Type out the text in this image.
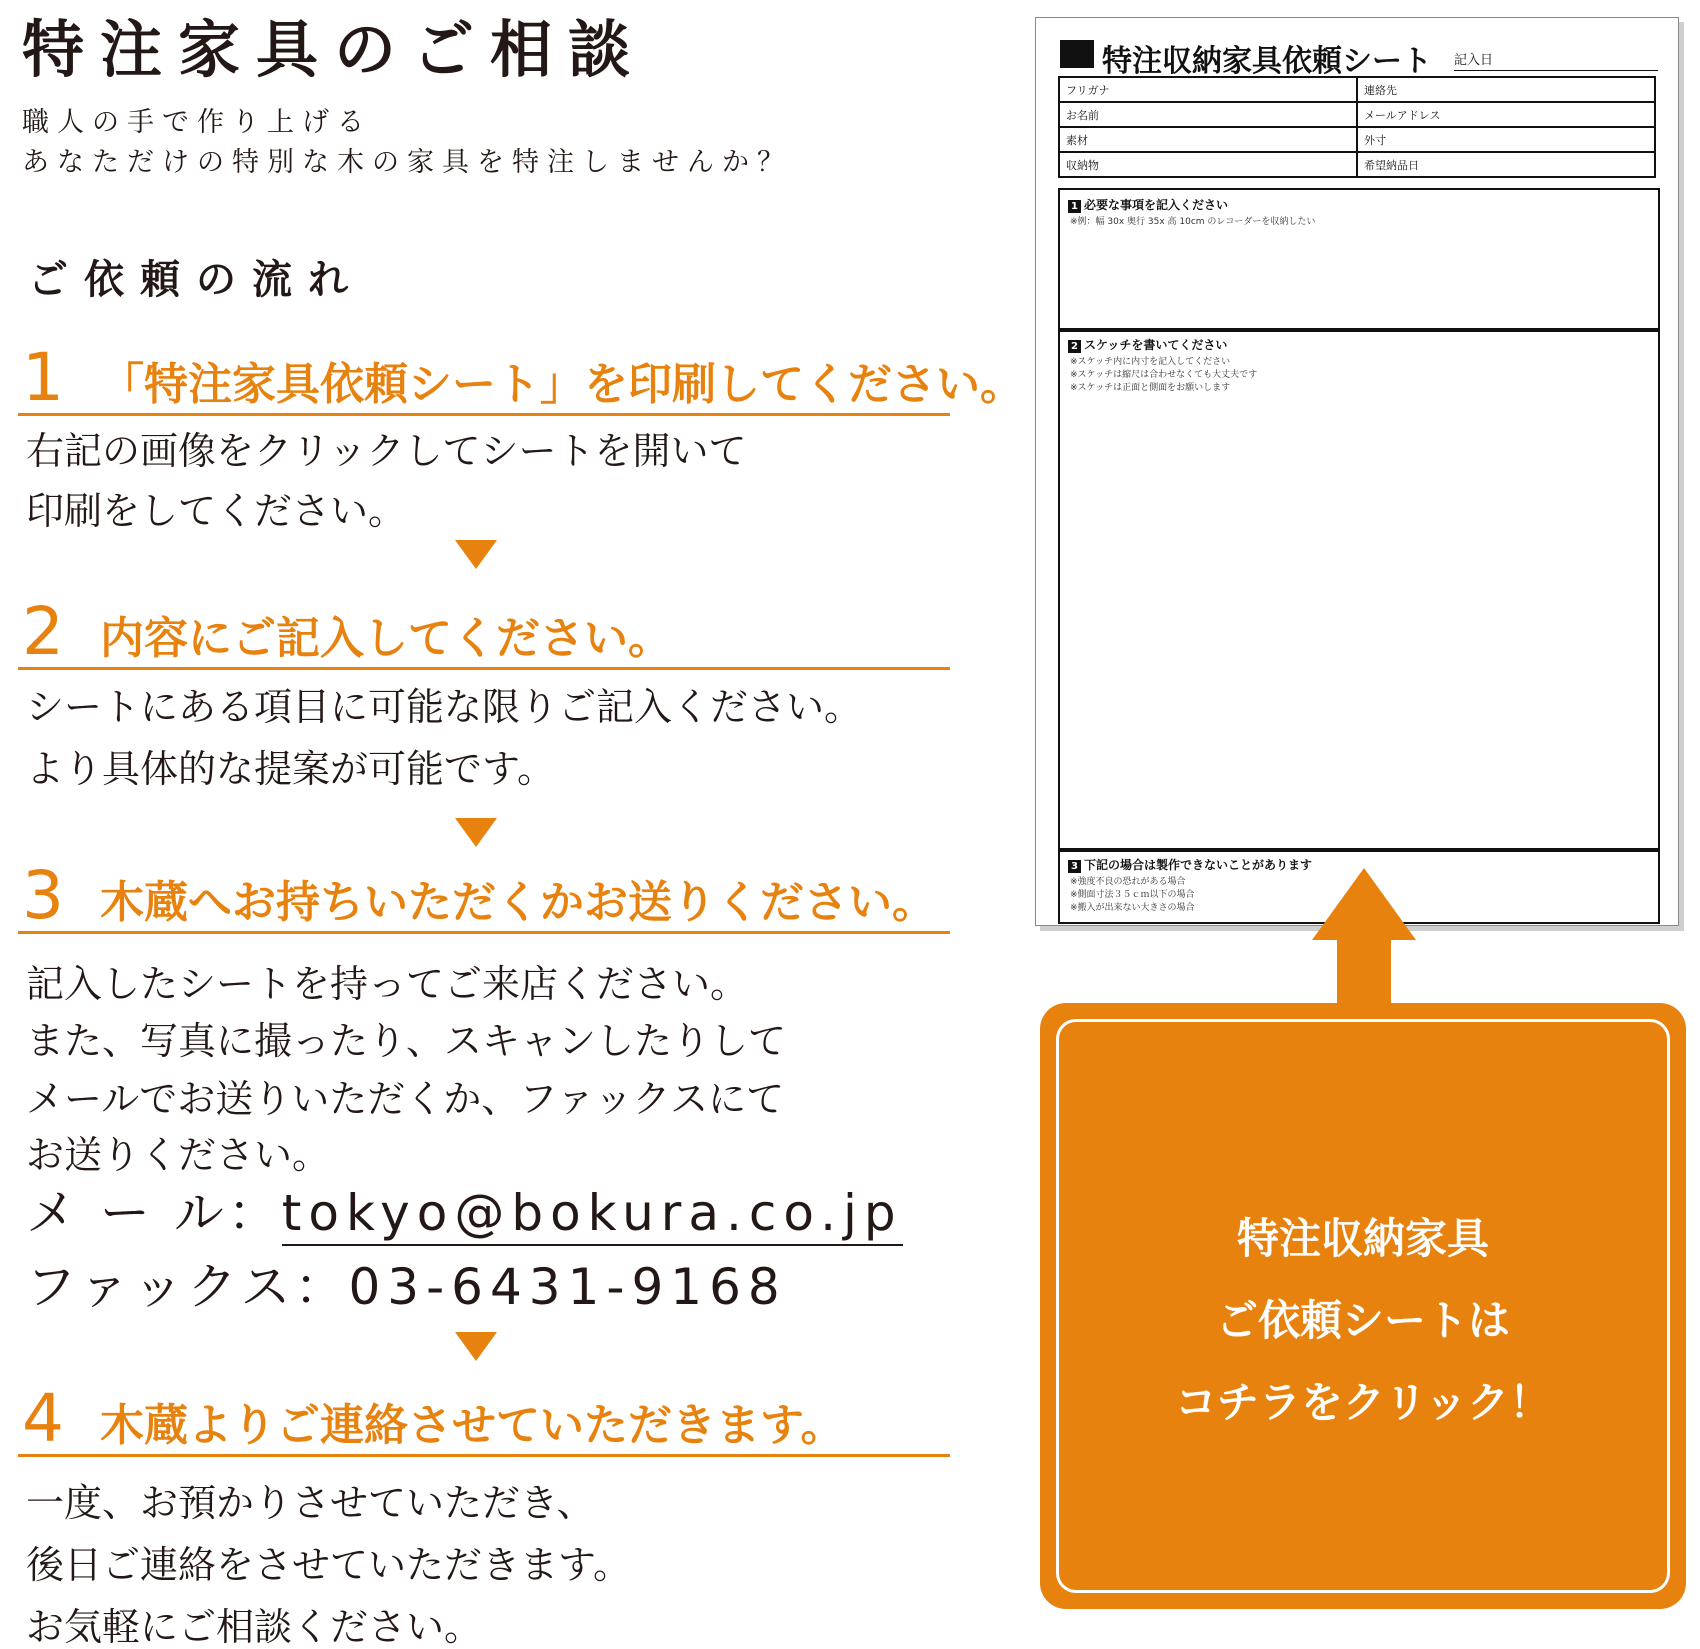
特注家具のご相談
職人の手で作り上げる
あなただけの特別な木の家具を特注しませんか？
ご依頼の流れ
1 「特注家具依頼シート」を印刷してください。
右記の画像をクリックしてシートを開いて
印刷をしてください。
2 内容にご記入してください。
シートにある項目に可能な限りご記入ください。
より具体的な提案が可能です。
3 木蔵へお持ちいただくかお送りください。
記入したシートを持ってご来店ください。
また、写真に撮ったり、スキャンしたりして
メールでお送りいただくか、ファックスにて
お送りください。
メ ー ル：tokyo@bokura.co.jp
ファックス：03-6431-9168
4 木蔵よりご連絡させていただきます。
一度、お預かりさせていただき、
後日ご連絡をさせていただきます。
お気軽にご相談ください。
特注収納家具依頼シート 記入日
フリガナ	連絡先
お名前	メールアドレス
素材	外寸
収納物	希望納品日
1 必要な事項を記入ください
※例：幅 30x 奥行 35x 高 10cm のレコーダーを収納したい
2 スケッチを書いてください
※スケッチ内に内寸を記入してください
※スケッチは縮尺は合わせなくても大丈夫です
※スケッチは正面と側面をお願いします
3 下記の場合は製作できないことがあります
※強度不良の恐れがある場合
※側面寸法３５ｃｍ以下の場合
※搬入が出来ない大きさの場合
特注収納家具
ご依頼シートは
コチラをクリック！
